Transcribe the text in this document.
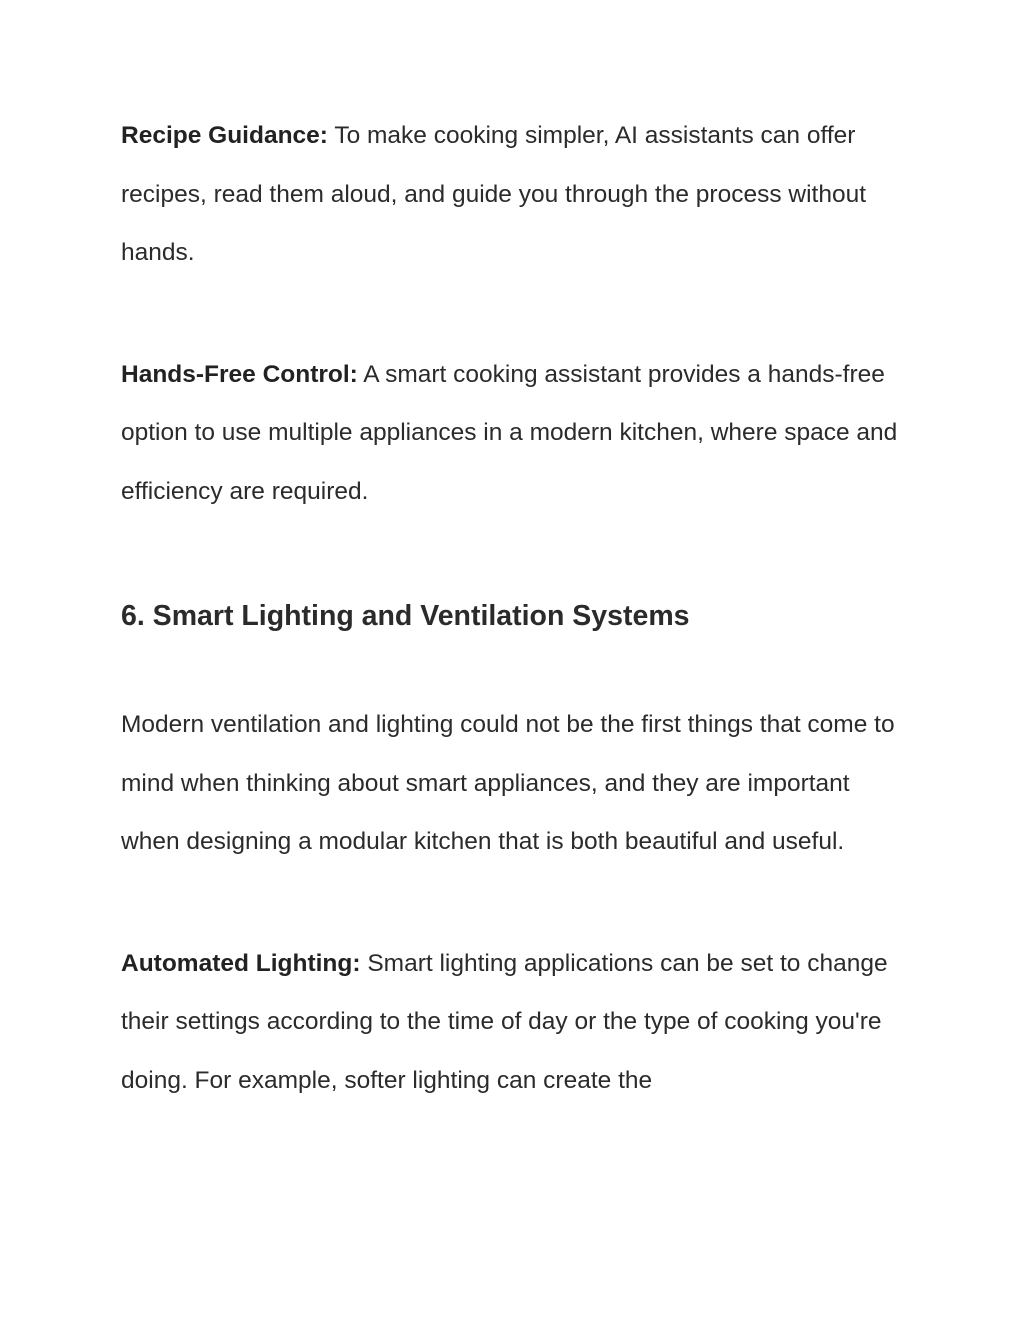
Recipe Guidance: To make cooking simpler, AI assistants can offer recipes, read them aloud, and guide you through the process without hands.

Hands-Free Control: A smart cooking assistant provides a hands-free option to use multiple appliances in a modern kitchen, where space and efficiency are required.

6. Smart Lighting and Ventilation Systems

Modern ventilation and lighting could not be the first things that come to mind when thinking about smart appliances, and they are important when designing a modular kitchen that is both beautiful and useful.

Automated Lighting: Smart lighting applications can be set to change their settings according to the time of day or the type of cooking you're doing. For example, softer lighting can create the
